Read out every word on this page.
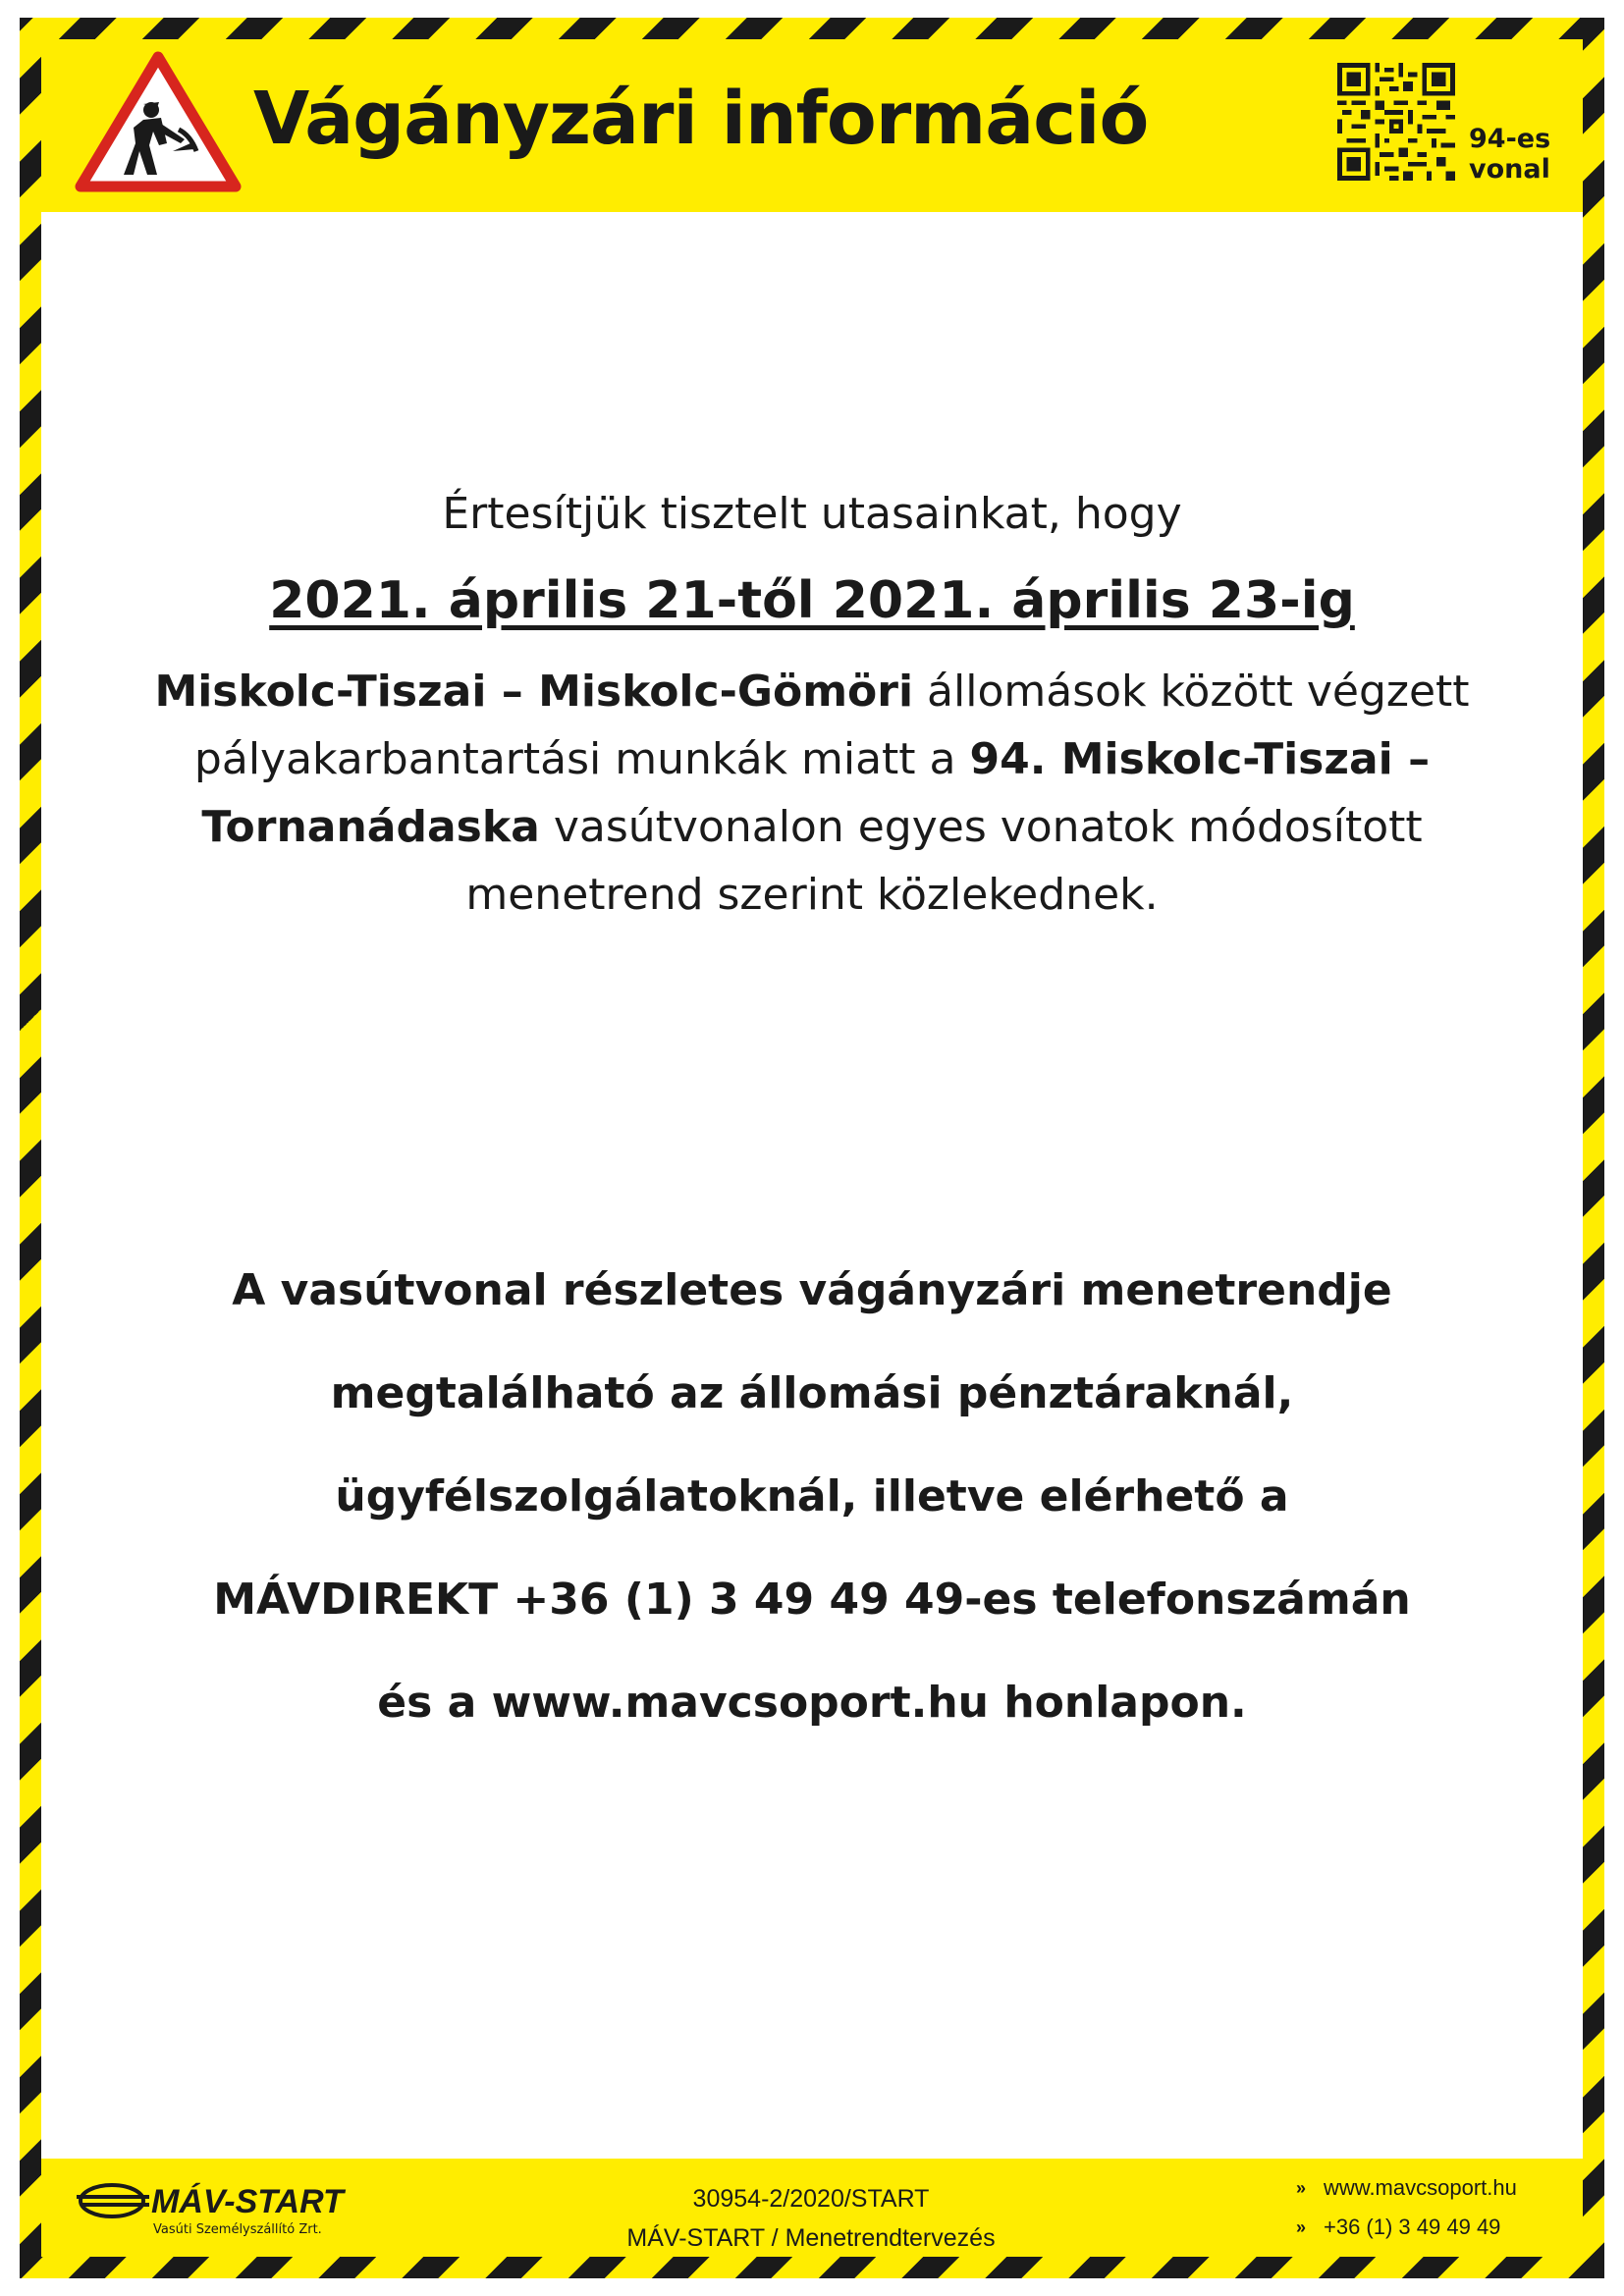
Vágányzári információ	94-es
vonal
Értesítjük tisztelt utasainkat, hogy
2021. április 21-től 2021. április 23-ig
Miskolc-Tiszai – Miskolc-Gömöri állomások között végzett
pályakarbantartási munkák miatt a 94. Miskolc-Tiszai –
Tornanádaska vasútvonalon egyes vonatok módosított
menetrend szerint közlekednek.
A vasútvonal részletes vágányzári menetrendje
megtalálható az állomási pénztáraknál,
ügyfélszolgálatoknál, illetve elérhető a
MÁVDIREKT +36 (1) 3 49 49 49-es telefonszámán
és a www.mavcsoport.hu honlapon.
MÁV-START
Vasúti Személyszállító Zrt.
30954-2/2020/START
MÁV-START / Menetrendtervezés
» www.mavcsoport.hu
» +36 (1) 3 49 49 49
